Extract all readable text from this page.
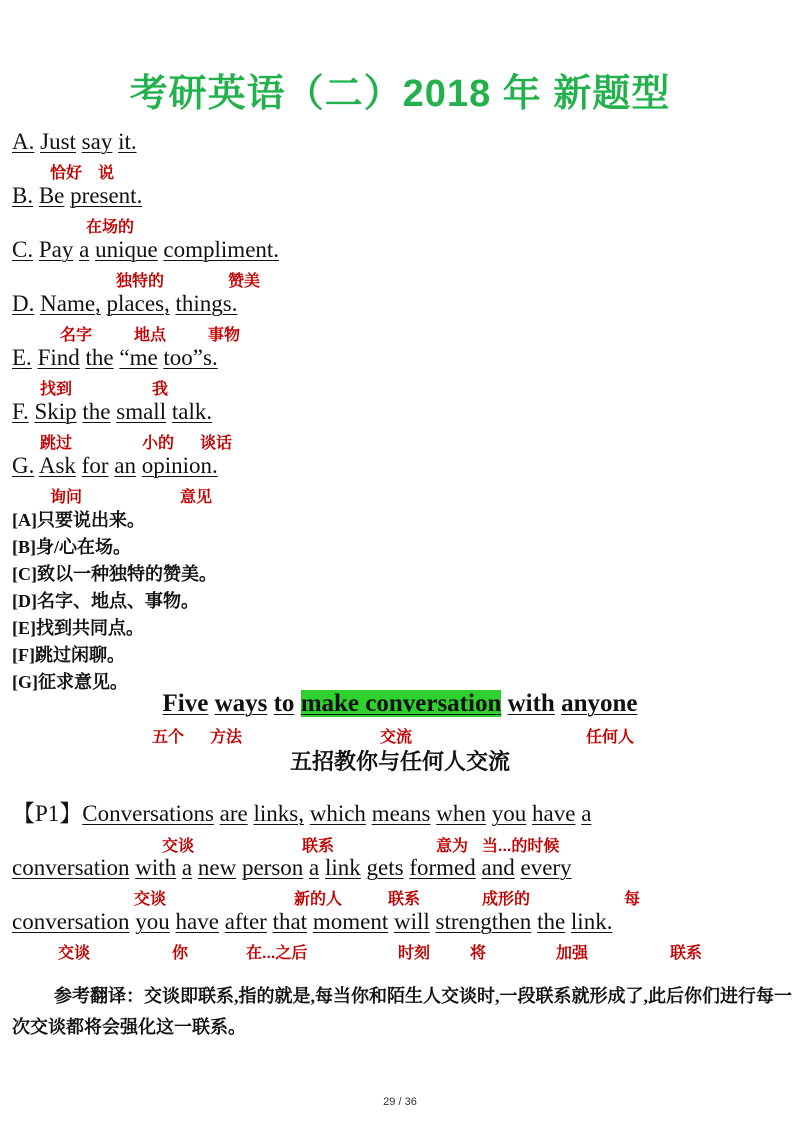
考研英语（二）2018 年 新题型
A. Just say it.
恰好 说
B. Be present.
在场的
C. Pay a unique compliment.
独特的	赞美
D. Name, places, things.
名字	地点	事物
E. Find the “me too”s.
找到	我
F. Skip the small talk.
跳过	小的 谈话
G. Ask for an opinion.
询问	意见
[A]只要说出来。
[B]身/心在场。
[C]致以一种独特的赞美。
[D]名字、地点、事物。
[E]找到共同点。
[F]跳过闲聊。
[G]征求意见。
Five ways to make conversation with anyone
五个 方法	交流	任何人
五招教你与任何人交流
【P1】Conversations are links, which means when you have a
交谈	联系	意为 当...的时候
conversation with a new person a link gets formed and every
交谈	新的人	联系	成形的	每
conversation you have after that moment will strengthen the link.
交谈	你	在...之后	时刻 将	加强	联系
参考翻译：交谈即联系,指的就是,每当你和陌生人交谈时,一段联系就形成了,此后你们进行每一次交谈都将会强化这一联系。
29 / 36
